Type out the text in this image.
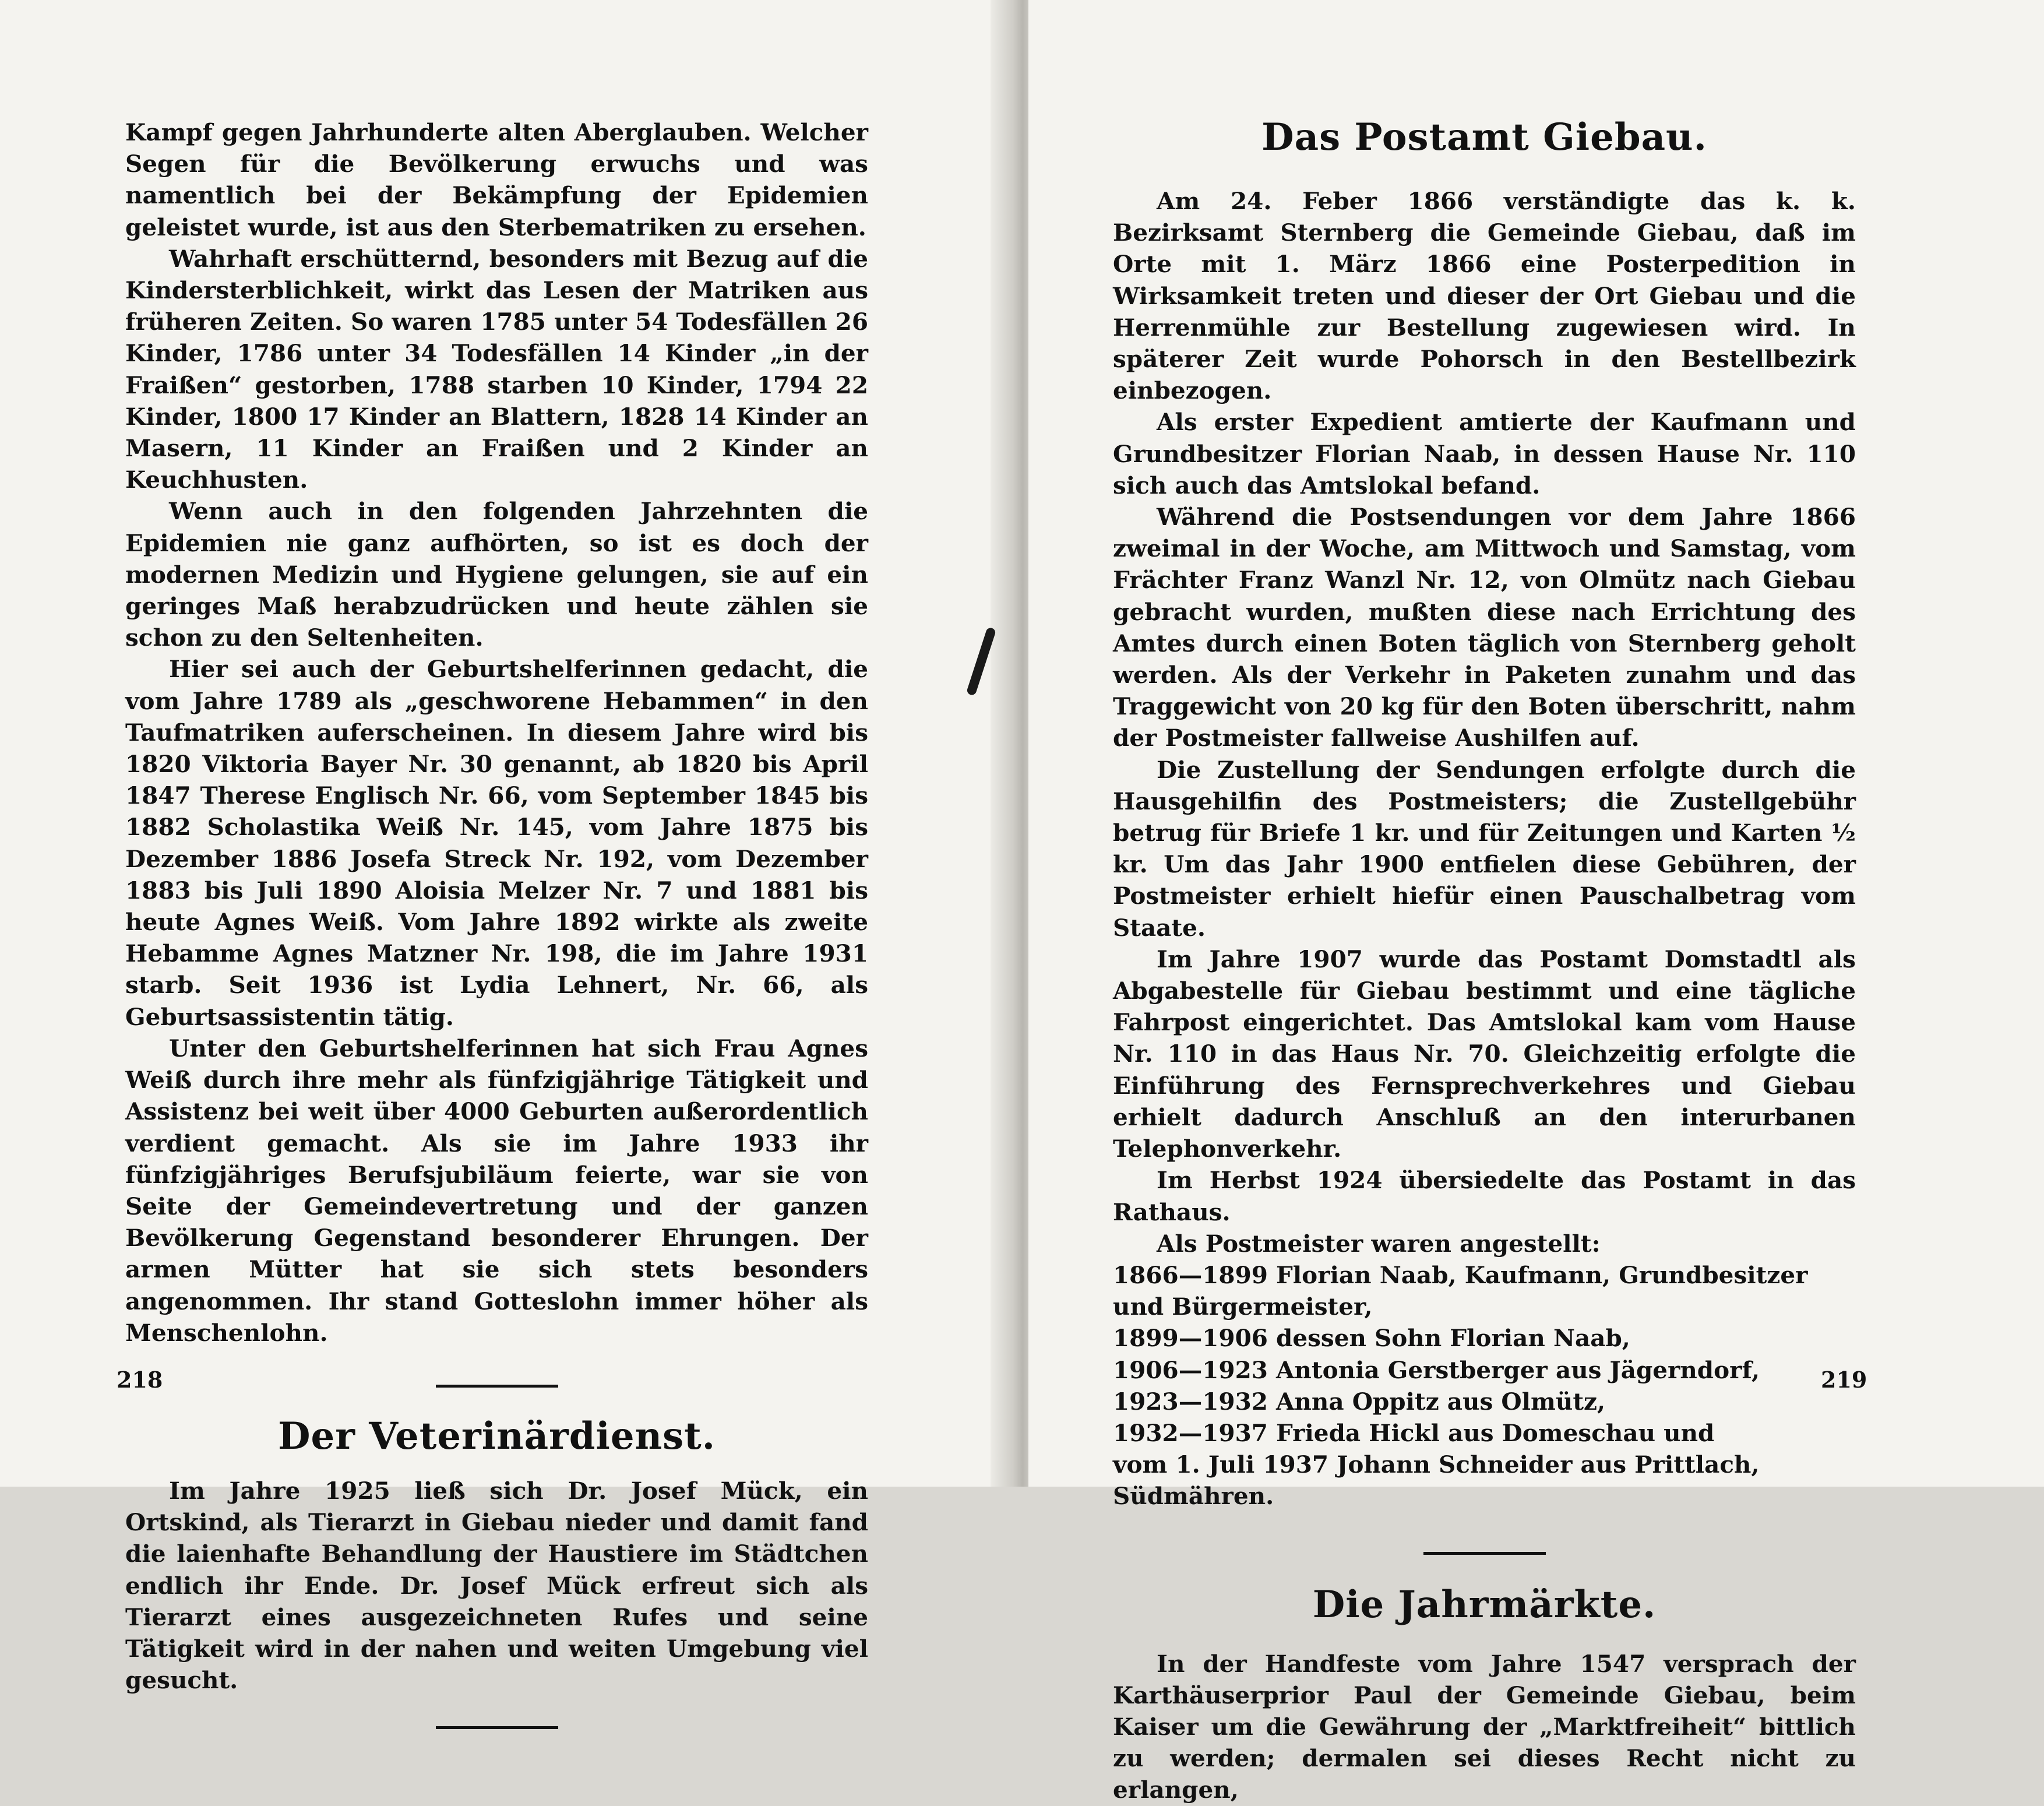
Kampf gegen Jahrhunderte alten Aberglauben. Welcher Segen für die Bevölkerung erwuchs und was namentlich bei der Bekämpfung der Epidemien geleistet wurde, ist aus den Sterbematriken zu ersehen.

Wahrhaft erschütternd, besonders mit Bezug auf die Kindersterblichkeit, wirkt das Lesen der Matriken aus früheren Zeiten. So waren 1785 unter 54 Todesfällen 26 Kinder, 1786 unter 34 Todesfällen 14 Kinder „in der Fraißen“ gestorben, 1788 starben 10 Kinder, 1794 22 Kinder, 1800 17 Kinder an Blattern, 1828 14 Kinder an Masern, 11 Kinder an Fraißen und 2 Kinder an Keuchhusten.

Wenn auch in den folgenden Jahrzehnten die Epidemien nie ganz aufhörten, so ist es doch der modernen Medizin und Hygiene gelungen, sie auf ein geringes Maß herabzudrücken und heute zählen sie schon zu den Seltenheiten.

Hier sei auch der Geburtshelferinnen gedacht, die vom Jahre 1789 als „geschworene Hebammen“ in den Taufmatriken auferscheinen. In diesem Jahre wird bis 1820 Viktoria Bayer Nr. 30 genannt, ab 1820 bis April 1847 Therese Englisch Nr. 66, vom September 1845 bis 1882 Scholastika Weiß Nr. 145, vom Jahre 1875 bis Dezember 1886 Josefa Streck Nr. 192, vom Dezember 1883 bis Juli 1890 Aloisia Melzer Nr. 7 und 1881 bis heute Agnes Weiß. Vom Jahre 1892 wirkte als zweite Hebamme Agnes Matzner Nr. 198, die im Jahre 1931 starb. Seit 1936 ist Lydia Lehnert, Nr. 66, als Geburtsassistentin tätig.

Unter den Geburtshelferinnen hat sich Frau Agnes Weiß durch ihre mehr als fünfzigjährige Tätigkeit und Assistenz bei weit über 4000 Geburten außerordentlich verdient gemacht. Als sie im Jahre 1933 ihr fünfzigjähriges Berufsjubiläum feierte, war sie von Seite der Gemeindevertretung und der ganzen Bevölkerung Gegenstand besonderer Ehrungen. Der armen Mütter hat sie sich stets besonders angenommen. Ihr stand Gotteslohn immer höher als Menschenlohn.

Der Veterinärdienst.

Im Jahre 1925 ließ sich Dr. Josef Mück, ein Ortskind, als Tierarzt in Giebau nieder und damit fand die laienhafte Behandlung der Haustiere im Städtchen endlich ihr Ende. Dr. Josef Mück erfreut sich als Tierarzt eines ausgezeichneten Rufes und seine Tätigkeit wird in der nahen und weiten Umgebung viel gesucht.

218
Das Postamt Giebau.

Am 24. Feber 1866 verständigte das k. k. Bezirksamt Sternberg die Gemeinde Giebau, daß im Orte mit 1. März 1866 eine Posterpedition in Wirksamkeit treten und dieser der Ort Giebau und die Herrenmühle zur Bestellung zugewiesen wird. In späterer Zeit wurde Pohorsch in den Bestellbezirk einbezogen.

Als erster Expedient amtierte der Kaufmann und Grundbesitzer Florian Naab, in dessen Hause Nr. 110 sich auch das Amtslokal befand.

Während die Postsendungen vor dem Jahre 1866 zweimal in der Woche, am Mittwoch und Samstag, vom Frächter Franz Wanzl Nr. 12, von Olmütz nach Giebau gebracht wurden, mußten diese nach Errichtung des Amtes durch einen Boten täglich von Sternberg geholt werden. Als der Verkehr in Paketen zunahm und das Traggewicht von 20 kg für den Boten überschritt, nahm der Postmeister fallweise Aushilfen auf.

Die Zustellung der Sendungen erfolgte durch die Hausgehilfin des Postmeisters; die Zustellgebühr betrug für Briefe 1 kr. und für Zeitungen und Karten ½ kr. Um das Jahr 1900 entfielen diese Gebühren, der Postmeister erhielt hiefür einen Pauschalbetrag vom Staate.

Im Jahre 1907 wurde das Postamt Domstadtl als Abgabestelle für Giebau bestimmt und eine tägliche Fahrpost eingerichtet. Das Amtslokal kam vom Hause Nr. 110 in das Haus Nr. 70. Gleichzeitig erfolgte die Einführung des Fernsprechverkehres und Giebau erhielt dadurch Anschluß an den interurbanen Telephonverkehr.

Im Herbst 1924 übersiedelte das Postamt in das Rathaus.

Als Postmeister waren angestellt:

1866—1899 Florian Naab, Kaufmann, Grundbesitzer und Bürgermeister,
1899—1906 dessen Sohn Florian Naab,
1906—1923 Antonia Gerstberger aus Jägerndorf,
1923—1932 Anna Oppitz aus Olmütz,
1932—1937 Frieda Hickl aus Domeschau und
vom 1. Juli 1937 Johann Schneider aus Prittlach, Südmähren.
Die Jahrmärkte.

In der Handfeste vom Jahre 1547 versprach der Karthäuserprior Paul der Gemeinde Giebau, beim Kaiser um die Gewährung der „Marktfreiheit“ bittlich zu werden; dermalen sei dieses Recht nicht zu erlangen,

219
